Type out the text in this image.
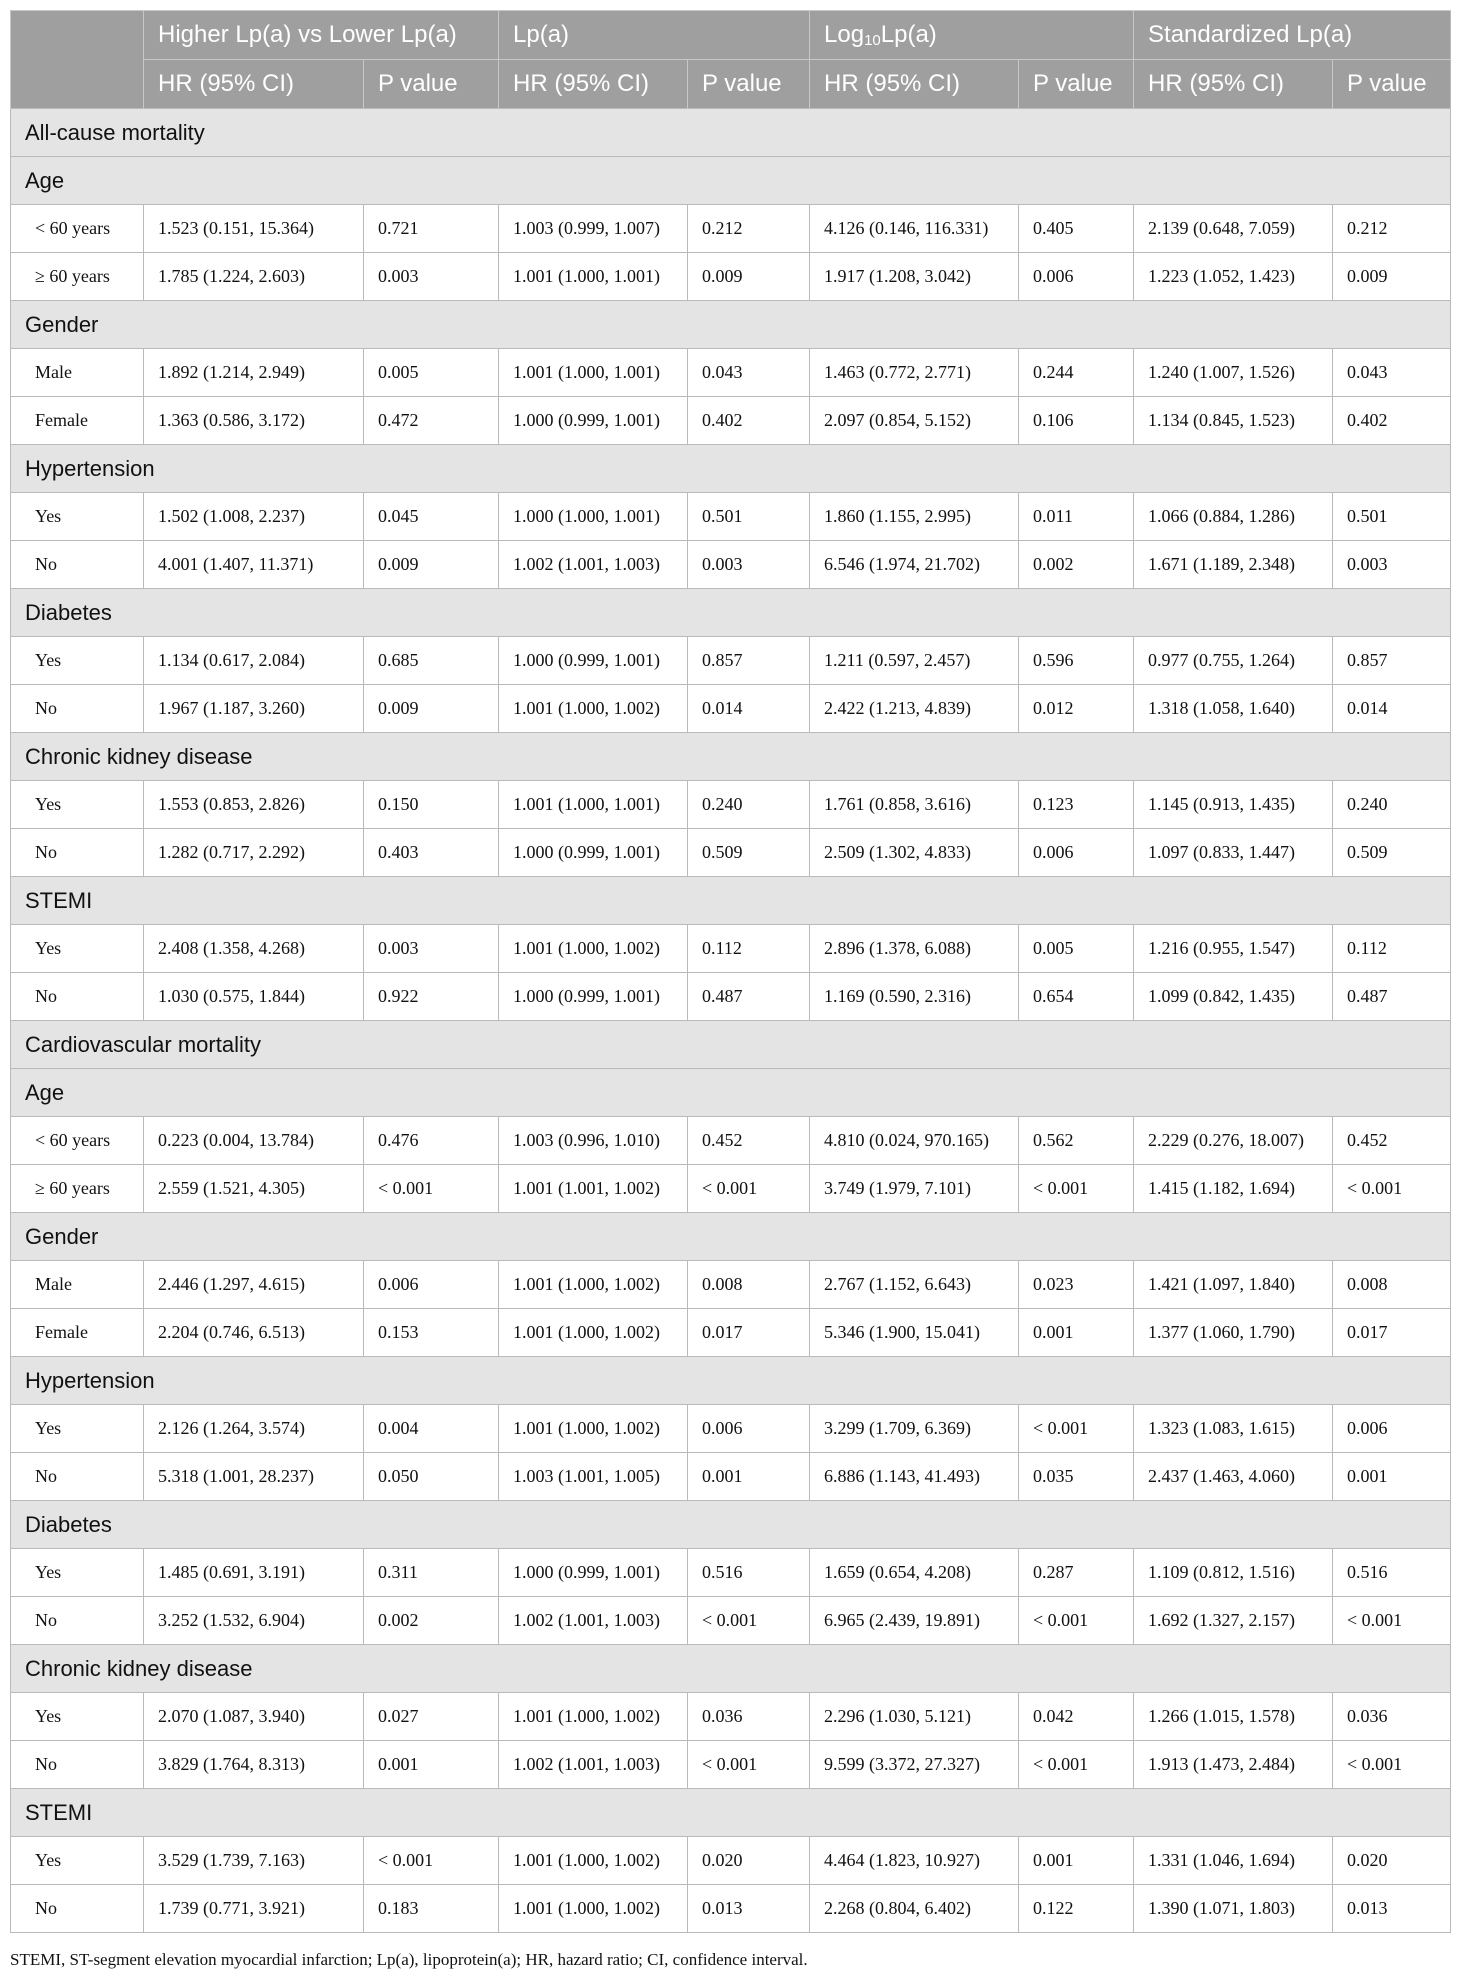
	Higher Lp(a) vs Lower Lp(a)		Lp(a)		Log$_{10}$Lp(a)		Standardized Lp(a)	
	HR (95% CI)	P value	HR (95% CI)	P value	HR (95% CI)	P value	HR (95% CI)	P value
All-cause mortality								
Age								
< 60 years	1.523 (0.151, 15.364)	0.721	1.003 (0.999, 1.007)	0.212	4.126 (0.146, 116.331)	0.405	2.139 (0.648, 7.059)	0.212
≥ 60 years	1.785 (1.224, 2.603)	0.003	1.001 (1.000, 1.001)	0.009	1.917 (1.208, 3.042)	0.006	1.223 (1.052, 1.423)	0.009
Gender								
Male	1.892 (1.214, 2.949)	0.005	1.001 (1.000, 1.001)	0.043	1.463 (0.772, 2.771)	0.244	1.240 (1.007, 1.526)	0.043
Female	1.363 (0.586, 3.172)	0.472	1.000 (0.999, 1.001)	0.402	2.097 (0.854, 5.152)	0.106	1.134 (0.845, 1.523)	0.402
Hypertension								
Yes	1.502 (1.008, 2.237)	0.045	1.000 (1.000, 1.001)	0.501	1.860 (1.155, 2.995)	0.011	1.066 (0.884, 1.286)	0.501
No	4.001 (1.407, 11.371)	0.009	1.002 (1.001, 1.003)	0.003	6.546 (1.974, 21.702)	0.002	1.671 (1.189, 2.348)	0.003
Diabetes								
Yes	1.134 (0.617, 2.084)	0.685	1.000 (0.999, 1.001)	0.857	1.211 (0.597, 2.457)	0.596	0.977 (0.755, 1.264)	0.857
No	1.967 (1.187, 3.260)	0.009	1.001 (1.000, 1.002)	0.014	2.422 (1.213, 4.839)	0.012	1.318 (1.058, 1.640)	0.014
Chronic kidney disease								
Yes	1.553 (0.853, 2.826)	0.150	1.001 (1.000, 1.001)	0.240	1.761 (0.858, 3.616)	0.123	1.145 (0.913, 1.435)	0.240
No	1.282 (0.717, 2.292)	0.403	1.000 (0.999, 1.001)	0.509	2.509 (1.302, 4.833)	0.006	1.097 (0.833, 1.447)	0.509
STEMI								
Yes	2.408 (1.358, 4.268)	0.003	1.001 (1.000, 1.002)	0.112	2.896 (1.378, 6.088)	0.005	1.216 (0.955, 1.547)	0.112
No	1.030 (0.575, 1.844)	0.922	1.000 (0.999, 1.001)	0.487	1.169 (0.590, 2.316)	0.654	1.099 (0.842, 1.435)	0.487
Cardiovascular mortality								
Age								
< 60 years	0.223 (0.004, 13.784)	0.476	1.003 (0.996, 1.010)	0.452	4.810 (0.024, 970.165)	0.562	2.229 (0.276, 18.007)	0.452
≥ 60 years	2.559 (1.521, 4.305)	< 0.001	1.001 (1.001, 1.002)	< 0.001	3.749 (1.979, 7.101)	< 0.001	1.415 (1.182, 1.694)	< 0.001
Gender								
Male	2.446 (1.297, 4.615)	0.006	1.001 (1.000, 1.002)	0.008	2.767 (1.152, 6.643)	0.023	1.421 (1.097, 1.840)	0.008
Female	2.204 (0.746, 6.513)	0.153	1.001 (1.000, 1.002)	0.017	5.346 (1.900, 15.041)	0.001	1.377 (1.060, 1.790)	0.017
Hypertension								
Yes	2.126 (1.264, 3.574)	0.004	1.001 (1.000, 1.002)	0.006	3.299 (1.709, 6.369)	< 0.001	1.323 (1.083, 1.615)	0.006
No	5.318 (1.001, 28.237)	0.050	1.003 (1.001, 1.005)	0.001	6.886 (1.143, 41.493)	0.035	2.437 (1.463, 4.060)	0.001
Diabetes								
Yes	1.485 (0.691, 3.191)	0.311	1.000 (0.999, 1.001)	0.516	1.659 (0.654, 4.208)	0.287	1.109 (0.812, 1.516)	0.516
No	3.252 (1.532, 6.904)	0.002	1.002 (1.001, 1.003)	< 0.001	6.965 (2.439, 19.891)	< 0.001	1.692 (1.327, 2.157)	< 0.001
Chronic kidney disease								
Yes	2.070 (1.087, 3.940)	0.027	1.001 (1.000, 1.002)	0.036	2.296 (1.030, 5.121)	0.042	1.266 (1.015, 1.578)	0.036
No	3.829 (1.764, 8.313)	0.001	1.002 (1.001, 1.003)	< 0.001	9.599 (3.372, 27.327)	< 0.001	1.913 (1.473, 2.484)	< 0.001
STEMI								
Yes	3.529 (1.739, 7.163)	< 0.001	1.001 (1.000, 1.002)	0.020	4.464 (1.823, 10.927)	0.001	1.331 (1.046, 1.694)	0.020
No	1.739 (0.771, 3.921)	0.183	1.001 (1.000, 1.002)	0.013	2.268 (0.804, 6.402)	0.122	1.390 (1.071, 1.803)	0.013
STEMI, ST-segment elevation myocardial infarction; Lp(a), lipoprotein(a); HR, hazard ratio; CI, confidence interval.
